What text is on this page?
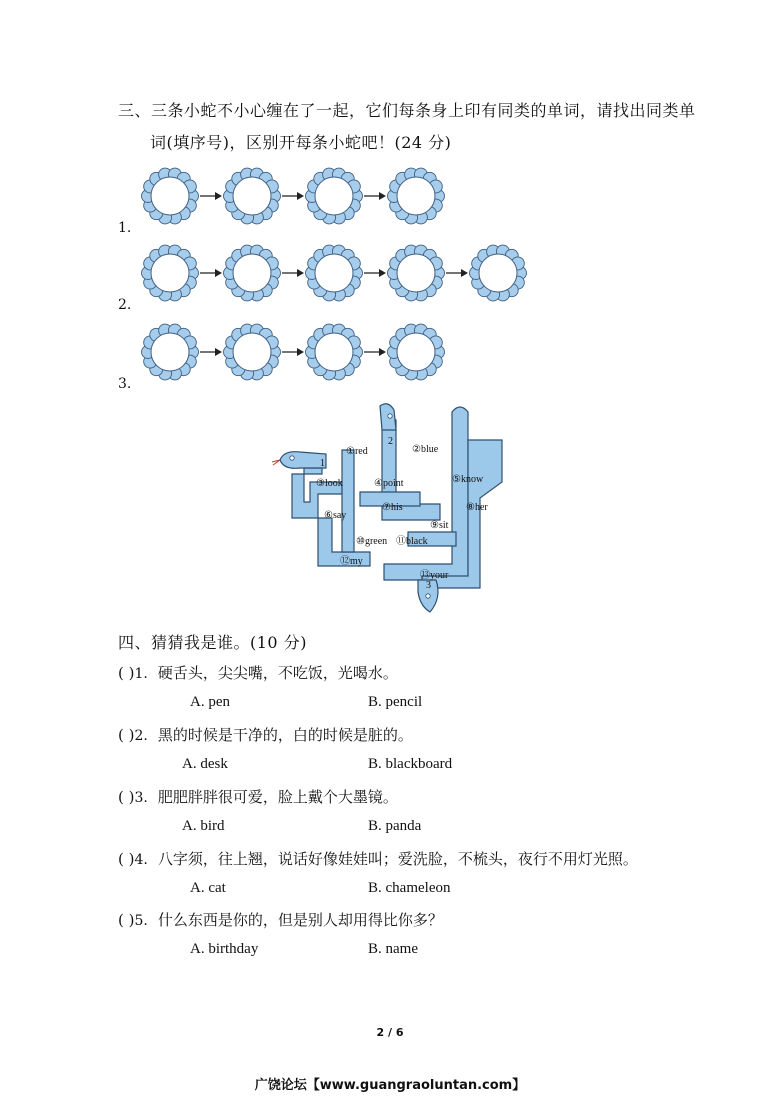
三、三条小蛇不小心缠在了一起，它们每条身上印有同类的单词，请找出同类单
词(填序号)，区别开每条小蛇吧！(24 分)
1.
2.
3.
1
2
3
①red	②blue
③look	④point	⑤know
⑥say
⑦his	⑧her
⑨sit
⑩green ⑪black
⑫my
⑬your
四、猜猜我是谁。(10 分)
( )1. 硬舌头，尖尖嘴，不吃饭，光喝水。
A. pen	B. pencil
( )2. 黑的时候是干净的，白的时候是脏的。
A. desk	B. blackboard
( )3. 肥肥胖胖很可爱，脸上戴个大墨镜。
A. bird	B. panda
( )4. 八字须，往上翘，说话好像娃娃叫；爱洗脸，不梳头，夜行不用灯光照。
A. cat	B. chameleon
( )5. 什么东西是你的，但是别人却用得比你多？
A. birthday	B. name
2 / 6
广饶论坛【www.guangraoluntan.com】
